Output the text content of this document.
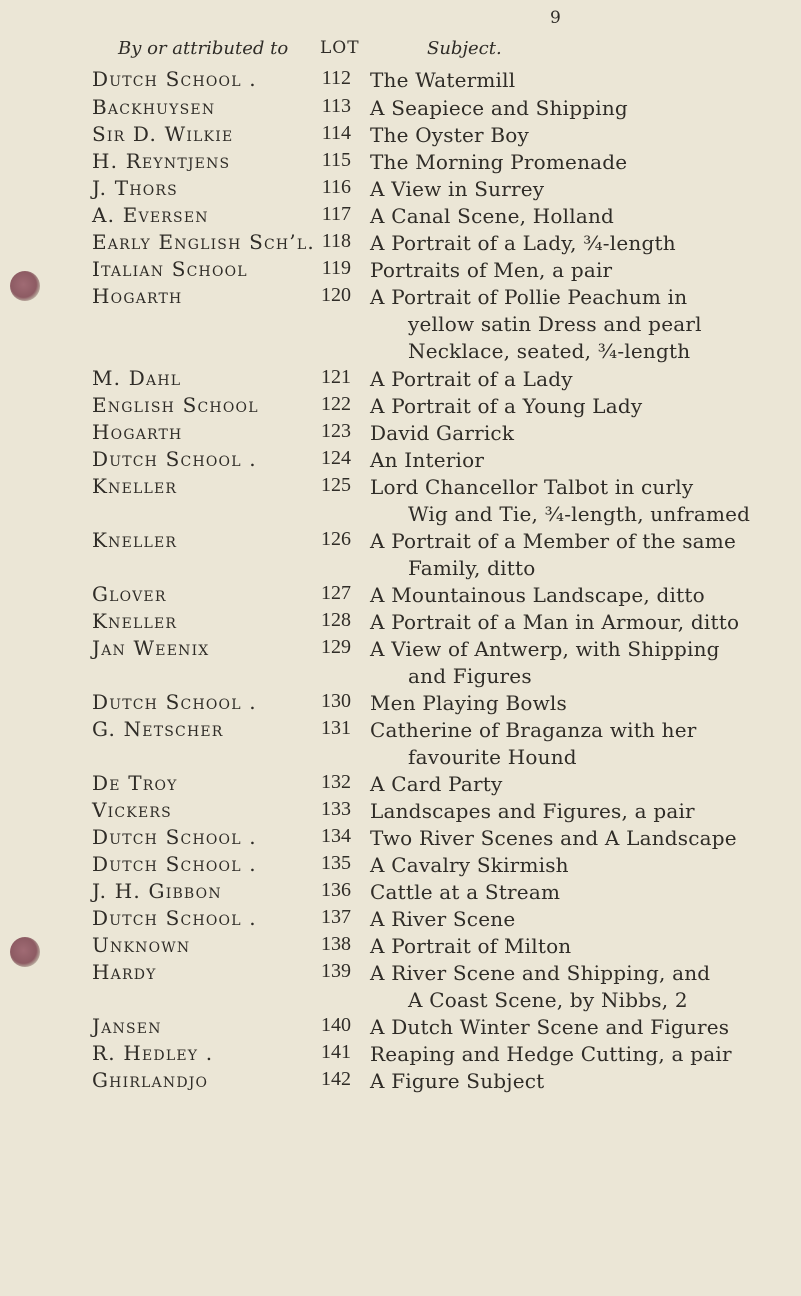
9
By or attributed to LOT	Subject.
Dutch School .	112 The Watermill
Backhuysen	113 A Seapiece and Shipping
Sir D. Wilkie	114 The Oyster Boy
H. Reyntjens	115 The Morning Promenade
J. Thors	116 A View in Surrey
A. Eversen	117 A Canal Scene, Holland
Early English Sch’l. 118 A Portrait of a Lady, ¾-length
Italian School	119 Portraits of Men, a pair
Hogarth	120 A Portrait of Pollie Peachum in
yellow satin Dress and pearl
Necklace, seated, ¾-length
M. Dahl	121 A Portrait of a Lady
English School	122 A Portrait of a Young Lady
Hogarth	123 David Garrick
Dutch School .	124 An Interior
Kneller	125 Lord Chancellor Talbot in curly
Wig and Tie, ¾-length, unframed
Kneller	126 A Portrait of a Member of the same
Family, ditto
Glover	127 A Mountainous Landscape, ditto
Kneller	128 A Portrait of a Man in Armour, ditto
Jan Weenix	129 A View of Antwerp, with Shipping
and Figures
Dutch School .	130 Men Playing Bowls
G. Netscher	131 Catherine of Braganza with her
favourite Hound
De Troy	132 A Card Party
Vickers	133 Landscapes and Figures, a pair
Dutch School .	134 Two River Scenes and A Landscape
Dutch School .	135 A Cavalry Skirmish
J. H. Gibbon	136 Cattle at a Stream
Dutch School .	137 A River Scene
Unknown	138 A Portrait of Milton
Hardy	139 A River Scene and Shipping, and
A Coast Scene, by Nibbs, 2
Jansen	140 A Dutch Winter Scene and Figures
R. Hedley .	141 Reaping and Hedge Cutting, a pair
Ghirlandjo	142 A Figure Subject
